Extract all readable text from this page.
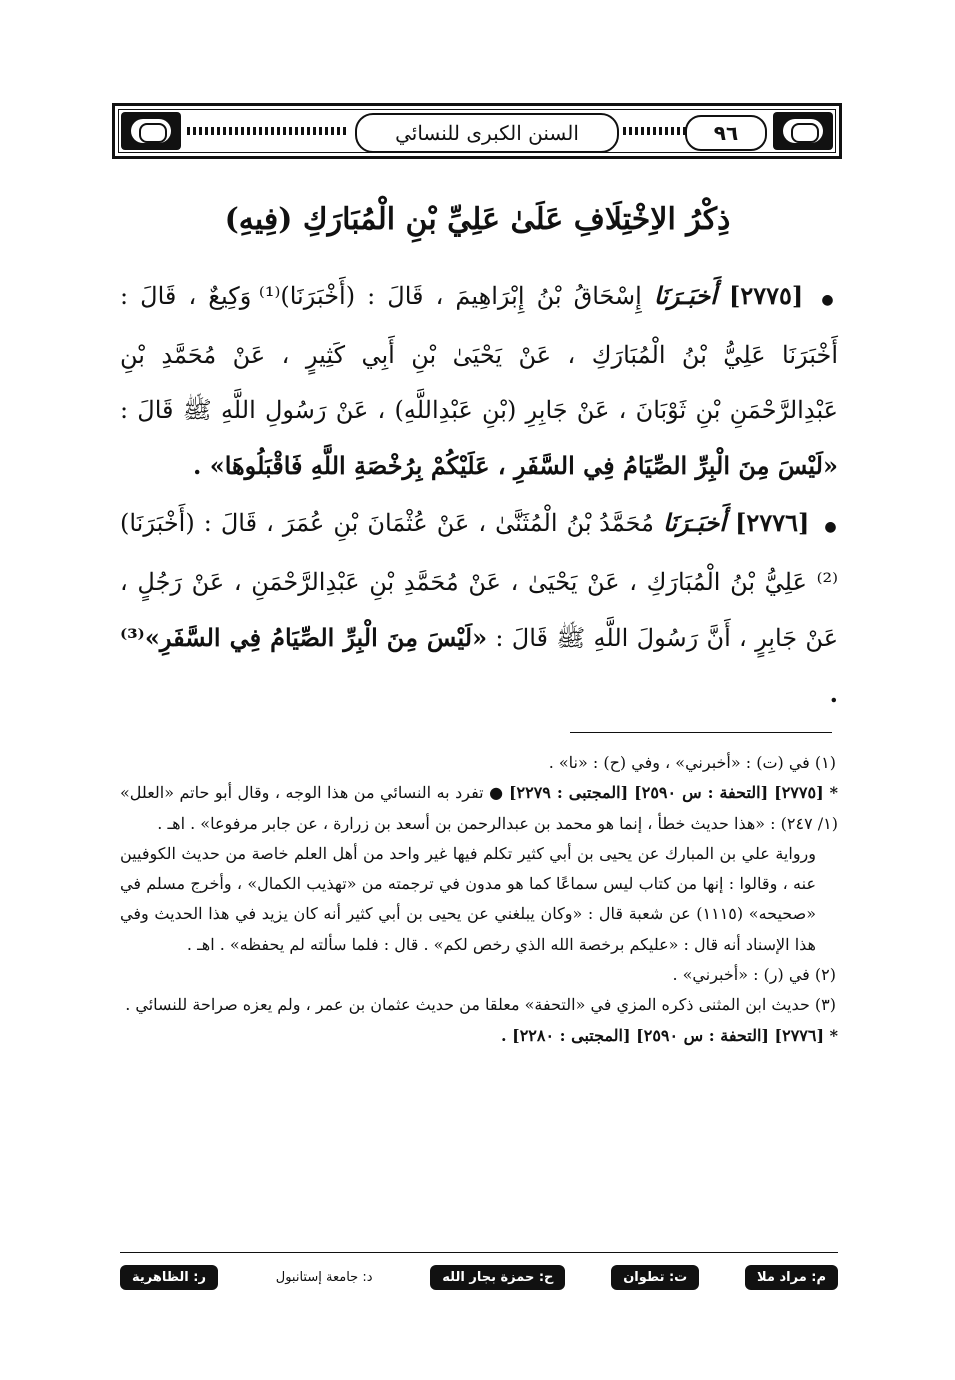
السنن الكبرى للنسائي	٩٦
ذِكْرُ الاِخْتِلَافِ عَلَىٰ عَلِيِّ بْنِ الْمُبَارَكِ (فِيهِ)
● [٢٧٧٥] أَخبَـرَنَا إِسْحَاقُ بْنُ إِبْرَاهِيمَ ، قَالَ : (أَخْبَرَنَا)⁽¹⁾ وَكِيعٌ ، قَالَ : أَخْبَرَنَا عَلِيُّ بْنُ الْمُبَارَكِ ، عَنْ يَحْيَىٰ بْنِ أَبِي كَثِيرٍ ، عَنْ مُحَمَّدِ بْنِ عَبْدِالرَّحْمَنِ بْنِ ثَوْبَانَ ، عَنْ جَابِرِ (بْنِ عَبْدِاللَّهِ) ، عَنْ رَسُولِ اللَّهِ ﷺ قَالَ : «لَيْسَ مِنَ الْبِرِّ الصِّيَامُ فِي السَّفَرِ ، عَلَيْكُمْ بِرُخْصَةِ اللَّهِ فَاقْبَلُوهَا» .
● [٢٧٧٦] أَخبَـرَنَا مُحَمَّدُ بْنُ الْمُثَنَّىٰ ، عَنْ عُثْمَانَ بْنِ عُمَرَ ، قَالَ : (أَخْبَرَنَا)⁽²⁾ عَلِيُّ بْنُ الْمُبَارَكِ ، عَنْ يَحْيَىٰ ، عَنْ مُحَمَّدِ بْنِ عَبْدِالرَّحْمَنِ ، عَنْ رَجُلٍ ، عَنْ جَابِرٍ ، أَنَّ رَسُولَ اللَّهِ ﷺ قَالَ : «لَيْسَ مِنَ الْبِرِّ الصِّيَامُ فِي السَّفَرِ»⁽³⁾ .

(١) في (ت) : «أخبرني» ، وفي (ح) : «نا» .

* [٢٧٧٥] [التحفة : س ٢٥٩٠] [المجتبى : ٢٢٧٩] ● تفرد به النسائي من هذا الوجه ، وقال أبو حاتم «العلل» (١/ ٢٤٧) : «هذا حديث خطأ ، إنما هو محمد بن عبدالرحمن بن أسعد بن زرارة ، عن جابر مرفوعا» . اهـ .

ورواية علي بن المبارك عن يحيى بن أبي كثير تكلم فيها غير واحد من أهل العلم خاصة من حديث الكوفيين عنه ، وقالوا : إنها من كتاب ليس سماعًا كما هو مدون في ترجمته من «تهذيب الكمال» ، وأخرج مسلم في «صحيحه» (١١١٥) عن شعبة قال : «وكان يبلغني عن يحيى بن أبي كثير أنه كان يزيد في هذا الحديث وفي هذا الإسناد أنه قال : «عليكم برخصة الله الذي رخص لكم» . قال : فلما سألته لم يحفظه» . اهـ .

(٢) في (ر) : «أخبرني» .

(٣) حديث ابن المثنى ذكره المزي في «التحفة» معلقا من حديث عثمان بن عمر ، ولم يعزه صراحة للنسائي .

* [٢٧٧٦] [التحفة : س ٢٥٩٠] [المجتبى : ٢٢٨٠] .

م: مراد ملا
ت: تطوان
ح: حمزة بجار الله
د: جامعة إستانبول
ر: الظاهرية
